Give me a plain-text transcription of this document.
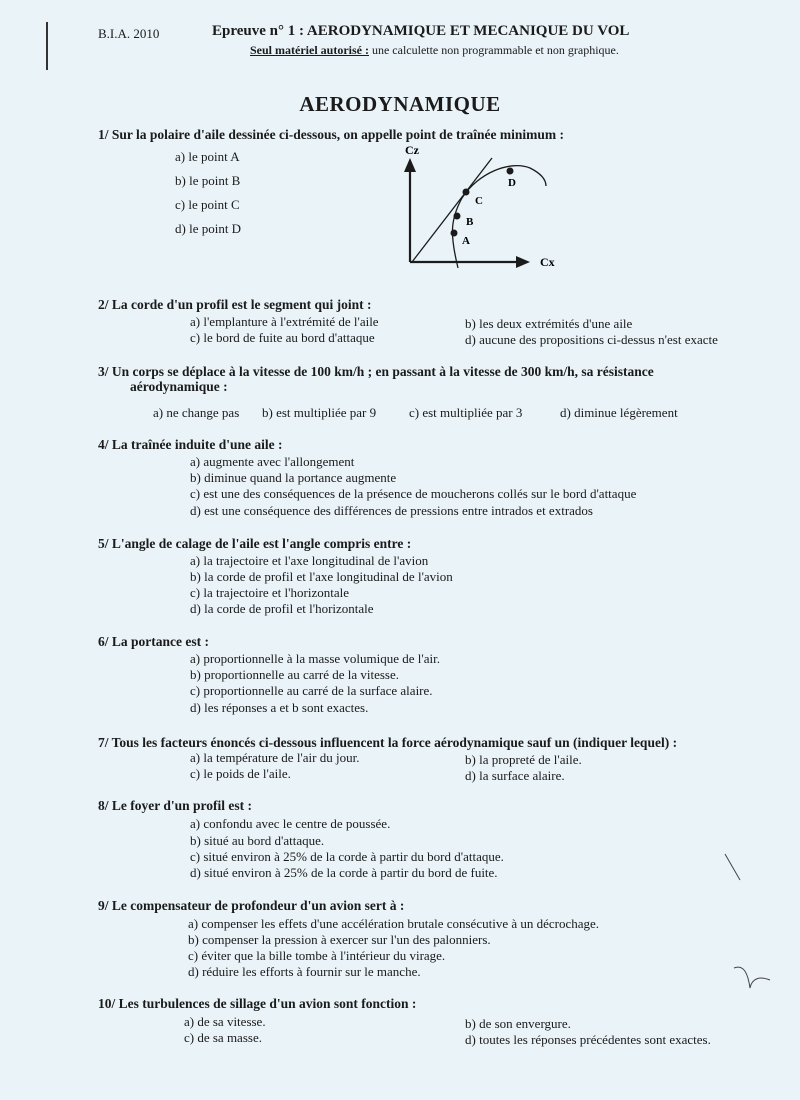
B.I.A. 2010	Epreuve n° 1 : AERODYNAMIQUE ET MECANIQUE DU VOL
Seul matériel autorisé : une calculette non programmable et non graphique.
AERODYNAMIQUE
1/ Sur la polaire d'aile dessinée ci-dessous, on appelle point de traînée minimum :
a) le point A
b) le point B
c) le point C
d) le point D
Cz
Cx
A
B
C
D
2/ La corde d'un profil est le segment qui joint :
a) l'emplanture à l'extrémité de l'aile	b) les deux extrémités d'une aile
c) le bord de fuite au bord d'attaque	d) aucune des propositions ci-dessus n'est exacte
3/ Un corps se déplace à la vitesse de 100 km/h ; en passant à la vitesse de 300 km/h, sa résistance
aérodynamique :
a) ne change pas b) est multipliée par 9	c) est multipliée par 3	d) diminue légèrement
4/ La traînée induite d'une aile :
a) augmente avec l'allongement
b) diminue quand la portance augmente
c) est une des conséquences de la présence de moucherons collés sur le bord d'attaque
d) est une conséquence des différences de pressions entre intrados et extrados
5/ L'angle de calage de l'aile est l'angle compris entre :
a) la trajectoire et l'axe longitudinal de l'avion
b) la corde de profil et l'axe longitudinal de l'avion
c) la trajectoire et l'horizontale
d) la corde de profil et l'horizontale
6/ La portance est :
a) proportionnelle à la masse volumique de l'air.
b) proportionnelle au carré de la vitesse.
c) proportionnelle au carré de la surface alaire.
d) les réponses a et b sont exactes.
7/ Tous les facteurs énoncés ci-dessous influencent la force aérodynamique sauf un (indiquer lequel) :
a) la température de l'air du jour.	b) la propreté de l'aile.
c) le poids de l'aile.	d) la surface alaire.
8/ Le foyer d'un profil est :
a) confondu avec le centre de poussée.
b) situé au bord d'attaque.
c) situé environ à 25% de la corde à partir du bord d'attaque.
d) situé environ à 25% de la corde à partir du bord de fuite.
9/ Le compensateur de profondeur d'un avion sert à :
a) compenser les effets d'une accélération brutale consécutive à un décrochage.
b) compenser la pression à exercer sur l'un des palonniers.
c) éviter que la bille tombe à l'intérieur du virage.
d) réduire les efforts à fournir sur le manche.
10/ Les turbulences de sillage d'un avion sont fonction :
a) de sa vitesse.	b) de son envergure.
c) de sa masse.	d) toutes les réponses précédentes sont exactes.
